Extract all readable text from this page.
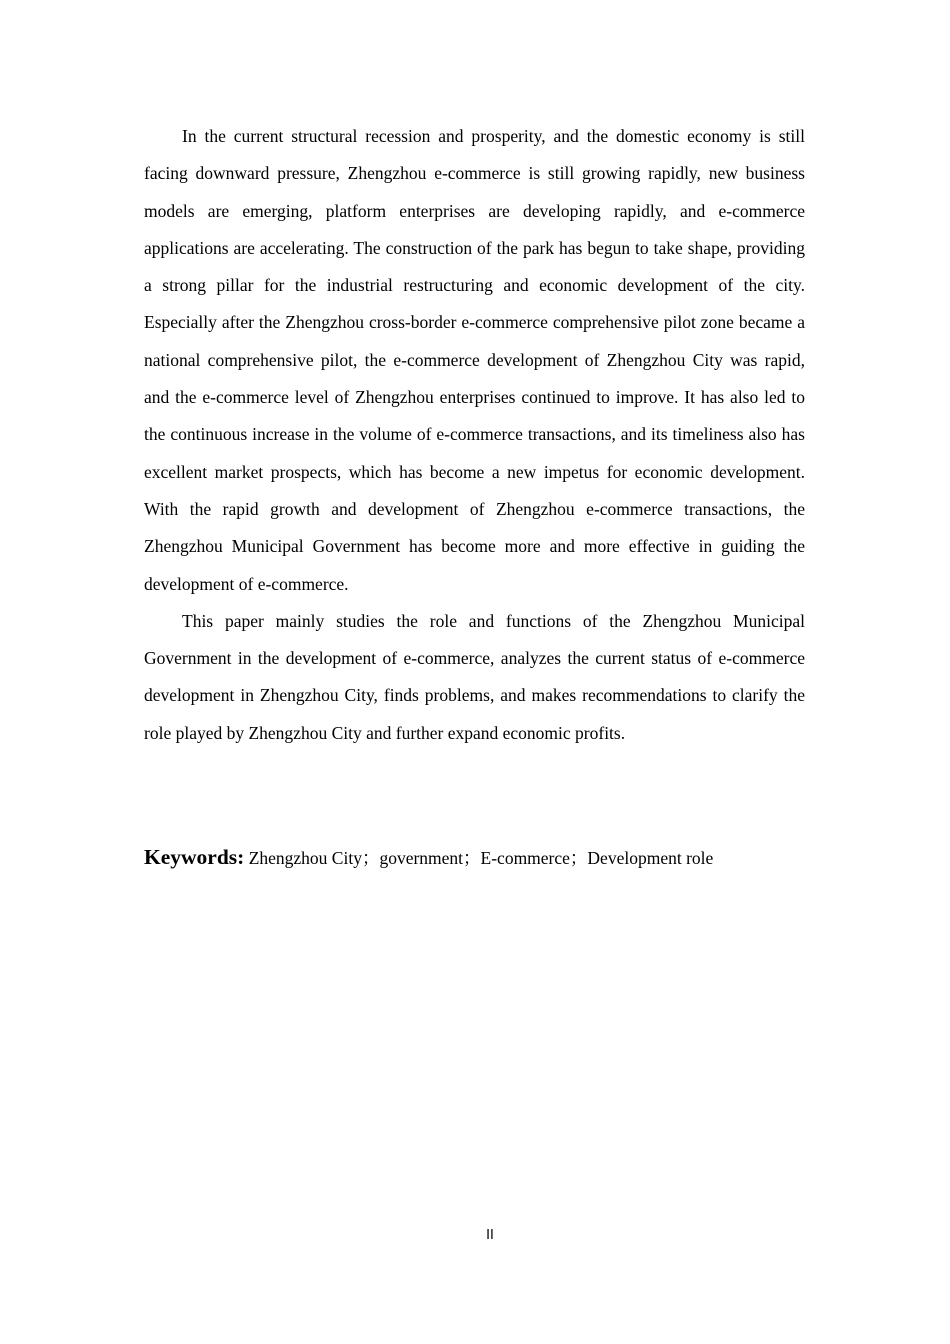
In the current structural recession and prosperity, and the domestic economy is still facing downward pressure, Zhengzhou e-commerce is still growing rapidly, new business models are emerging, platform enterprises are developing rapidly, and e-commerce applications are accelerating. The construction of the park has begun to take shape, providing a strong pillar for the industrial restructuring and economic development of the city. Especially after the Zhengzhou cross-border e-commerce comprehensive pilot zone became a national comprehensive pilot, the e-commerce development of Zhengzhou City was rapid, and the e-commerce level of Zhengzhou enterprises continued to improve. It has also led to the continuous increase in the volume of e-commerce transactions, and its timeliness also has excellent market prospects, which has become a new impetus for economic development. With the rapid growth and development of Zhengzhou e-commerce transactions, the Zhengzhou Municipal Government has become more and more effective in guiding the development of e-commerce.

This paper mainly studies the role and functions of the Zhengzhou Municipal Government in the development of e-commerce, analyzes the current status of e-commerce development in Zhengzhou City, finds problems, and makes recommendations to clarify the role played by Zhengzhou City and further expand economic profits.

Keywords: Zhengzhou City；government；E-commerce；Development role
II
